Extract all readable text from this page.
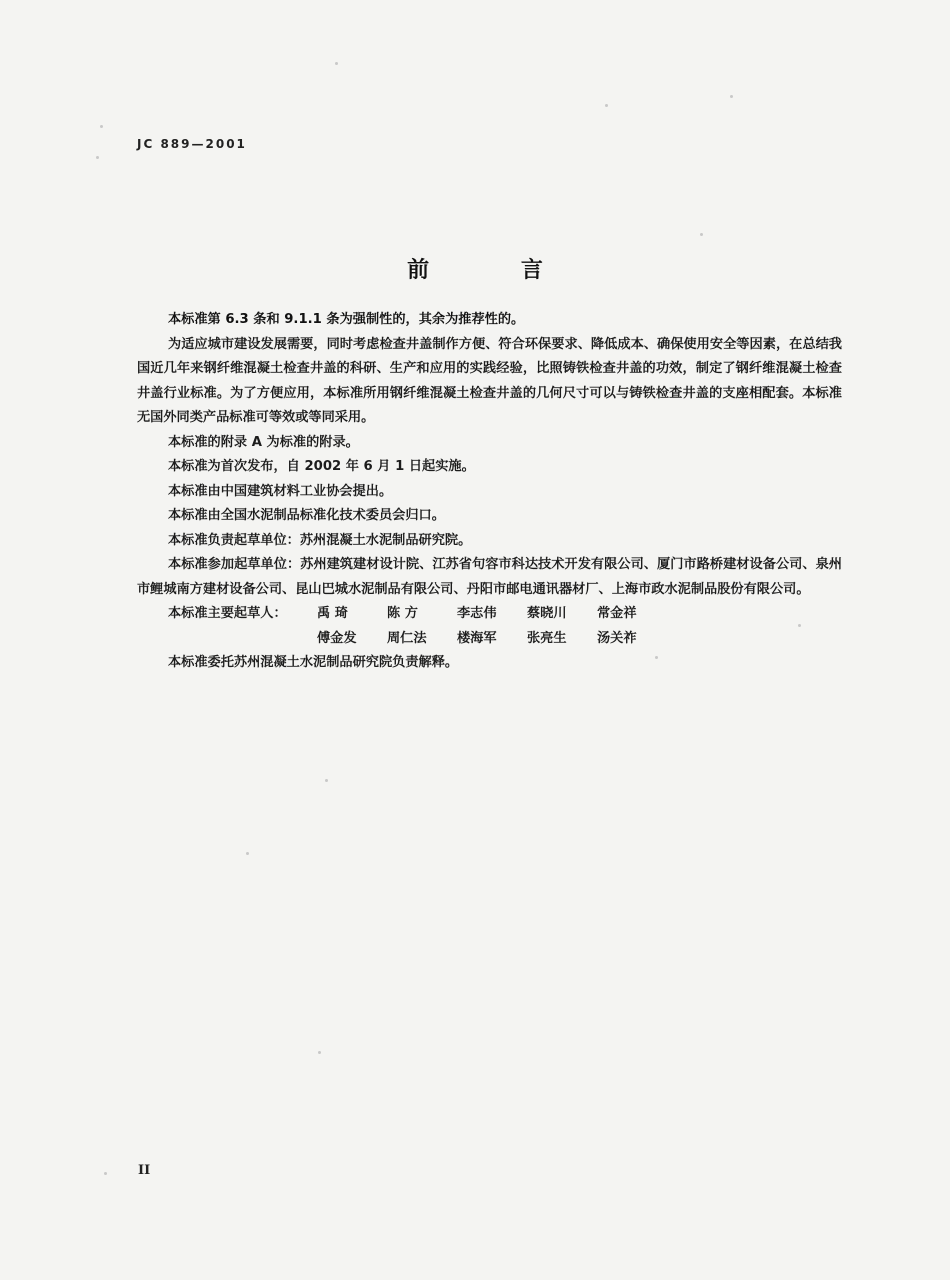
JC 889—2001
前 言

本标准第 6.3 条和 9.1.1 条为强制性的，其余为推荐性的。

为适应城市建设发展需要，同时考虑检查井盖制作方便、符合环保要求、降低成本、确保使用安全等因素，在总结我国近几年来钢纤维混凝土检查井盖的科研、生产和应用的实践经验，比照铸铁检查井盖的功效，制定了钢纤维混凝土检查井盖行业标准。为了方便应用，本标准所用钢纤维混凝土检查井盖的几何尺寸可以与铸铁检查井盖的支座相配套。本标准无国外同类产品标准可等效或等同采用。

本标准的附录 A 为标准的附录。

本标准为首次发布，自 2002 年 6 月 1 日起实施。

本标准由中国建筑材料工业协会提出。

本标准由全国水泥制品标准化技术委员会归口。

本标准负责起草单位：苏州混凝土水泥制品研究院。

本标准参加起草单位：苏州建筑建材设计院、江苏省句容市科达技术开发有限公司、厦门市路桥建材设备公司、泉州市鲤城南方建材设备公司、昆山巴城水泥制品有限公司、丹阳市邮电通讯器材厂、上海市政水泥制品股份有限公司。

本标准主要起草人： 禹 琦	陈 方	李志伟 蔡晓川 常金祥
傅金发 周仁法 楼海军 张亮生 汤关祚

本标准委托苏州混凝土水泥制品研究院负责解释。

II
